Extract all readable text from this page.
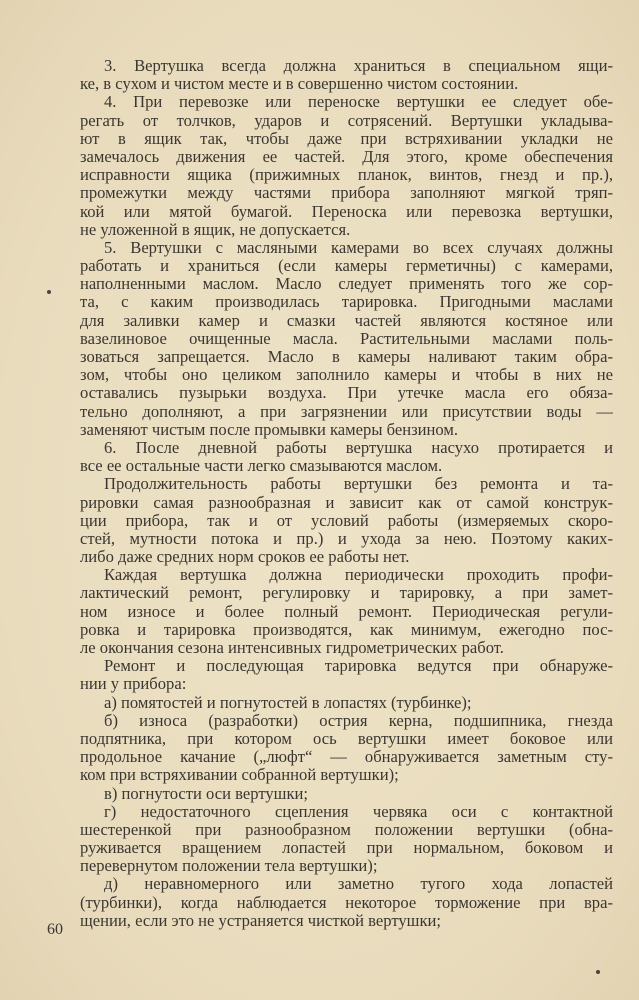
3. Вертушка всегда должна храниться в специальном ящи-
ке, в сухом и чистом месте и в совершенно чистом состоянии.
4. При перевозке или переноске вертушки ее следует обе-
регать от толчков, ударов и сотрясений. Вертушки укладыва-
ют в ящик так, чтобы даже при встряхивании укладки не
замечалось движения ее частей. Для этого, кроме обеспечения
исправности ящика (прижимных планок, винтов, гнезд и пр.),
промежутки между частями прибора заполняют мягкой тряп-
кой или мятой бумагой. Переноска или перевозка вертушки,
не уложенной в ящик, не допускается.
5. Вертушки с масляными камерами во всех случаях должны
работать и храниться (если камеры герметичны) с камерами,
наполненными маслом. Масло следует применять того же сор-
та, с каким производилась тарировка. Пригодными маслами
для заливки камер и смазки частей являются костяное или
вазелиновое очищенные масла. Растительными маслами поль-
зоваться запрещается. Масло в камеры наливают таким обра-
зом, чтобы оно целиком заполнило камеры и чтобы в них не
оставались пузырьки воздуха. При утечке масла его обяза-
тельно дополняют, а при загрязнении или присутствии воды —
заменяют чистым после промывки камеры бензином.
6. После дневной работы вертушка насухо протирается и
все ее остальные части легко смазываются маслом.
Продолжительность работы вертушки без ремонта и та-
рировки самая разнообразная и зависит как от самой конструк-
ции прибора, так и от условий работы (измеряемых скоро-
стей, мутности потока и пр.) и ухода за нею. Поэтому каких-
либо даже средних норм сроков ее работы нет.
Каждая вертушка должна периодически проходить профи-
лактический ремонт, регулировку и тарировку, а при замет-
ном износе и более полный ремонт. Периодическая регули-
ровка и тарировка производятся, как минимум, ежегодно пос-
ле окончания сезона интенсивных гидрометрических работ.
Ремонт и последующая тарировка ведутся при обнаруже-
нии у прибора:
а) помятостей и погнутостей в лопастях (турбинке);
б) износа (разработки) острия керна, подшипника, гнезда
подпятника, при котором ось вертушки имеет боковое или
продольное качание („люфт“ — обнаруживается заметным сту-
ком при встряхивании собранной вертушки);
в) погнутости оси вертушки;
г) недостаточного сцепления червяка оси с контактной
шестеренкой при разнообразном положении вертушки (обна-
руживается вращением лопастей при нормальном, боковом и
перевернутом положении тела вертушки);
д) неравномерного или заметно тугого хода лопастей
(турбинки), когда наблюдается некоторое торможение при вра-
щении, если это не устраняется чисткой вертушки;
60
